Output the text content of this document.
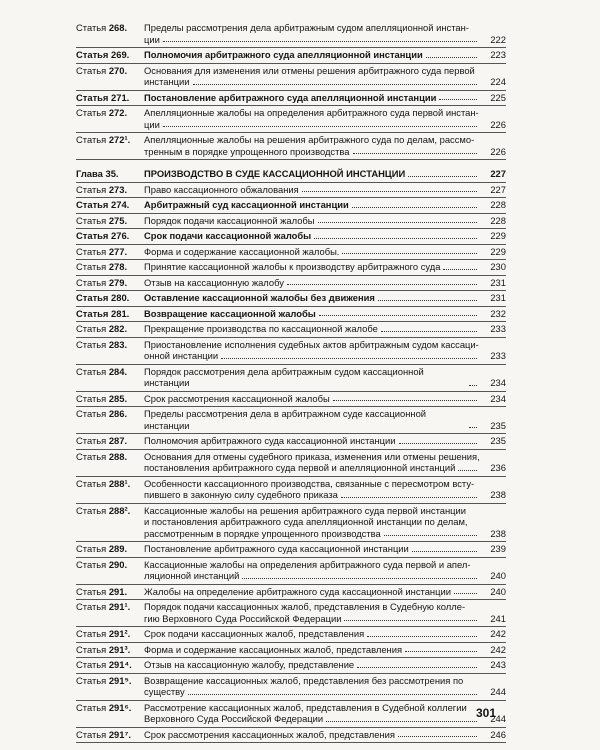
Статья 268.	Пределы рассмотрения дела арбитражным судом апелляционной инстан-
ции	222
Статья 269.	Полномочия арбитражного суда апелляционной инстанции	223
Статья 270.	Основания для изменения или отмены решения арбитражного суда первой
инстанции	224
Статья 271.	Постановление арбитражного суда апелляционной инстанции	225
Статья 272.	Апелляционные жалобы на определения арбитражного суда первой инстан-
ции	226
Статья 272¹.	Апелляционные жалобы на решения арбитражного суда по делам, рассмо-
тренным в порядке упрощенного производства	226
Глава 35.	ПРОИЗВОДСТВО В СУДЕ КАССАЦИОННОЙ ИНСТАНЦИИ	227
Статья 273.	Право кассационного обжалования	227
Статья 274.	Арбитражный суд кассационной инстанции	228
Статья 275.	Порядок подачи кассационной жалобы	228
Статья 276.	Срок подачи кассационной жалобы	229
Статья 277.	Форма и содержание кассационной жалобы.	229
Статья 278.	Принятие кассационной жалобы к производству арбитражного суда	230
Статья 279.	Отзыв на кассационную жалобу	231
Статья 280.	Оставление кассационной жалобы без движения	231
Статья 281.	Возвращение кассационной жалобы	232
Статья 282.	Прекращение производства по кассационной жалобе	233
Статья 283.	Приостановление исполнения судебных актов арбитражным судом кассаци-
онной инстанции	233
Статья 284.	Порядок рассмотрения дела арбитражным судом кассационной инстанции	234
Статья 285.	Срок рассмотрения кассационной жалобы	234
Статья 286.	Пределы рассмотрения дела в арбитражном суде кассационной инстанции	235
Статья 287.	Полномочия арбитражного суда кассационной инстанции	235
Статья 288.	Основания для отмены судебного приказа, изменения или отмены решения,
постановления арбитражного суда первой и апелляционной инстанций	236
Статья 288¹.	Особенности кассационного производства, связанные с пересмотром всту-
пившего в законную силу судебного приказа	238
Статья 288².	Кассационные жалобы на решения арбитражного суда первой инстанции
и постановления арбитражного суда апелляционной инстанции по делам,
рассмотренным в порядке упрощенного производства	238
Статья 289.	Постановление арбитражного суда кассационной инстанции	239
Статья 290.	Кассационные жалобы на определения арбитражного суда первой и апел-
ляционной инстанций	240
Статья 291.	Жалобы на определение арбитражного суда кассационной инстанции	240
Статья 291¹.	Порядок подачи кассационных жалоб, представления в Судебную колле-
гию Верховного Суда Российской Федерации	241
Статья 291².	Срок подачи кассационных жалоб, представления	242
Статья 291³.	Форма и содержание кассационных жалоб, представления	242
Статья 291⁴.	Отзыв на кассационную жалобу, представление	243
Статья 291⁵.	Возвращение кассационных жалоб, представления без рассмотрения по
существу	244
Статья 291⁶.	Рассмотрение кассационных жалоб, представления в Судебной коллегии
Верховного Суда Российской Федерации	244
Статья 291⁷.	Срок рассмотрения кассационных жалоб, представления	246
301
